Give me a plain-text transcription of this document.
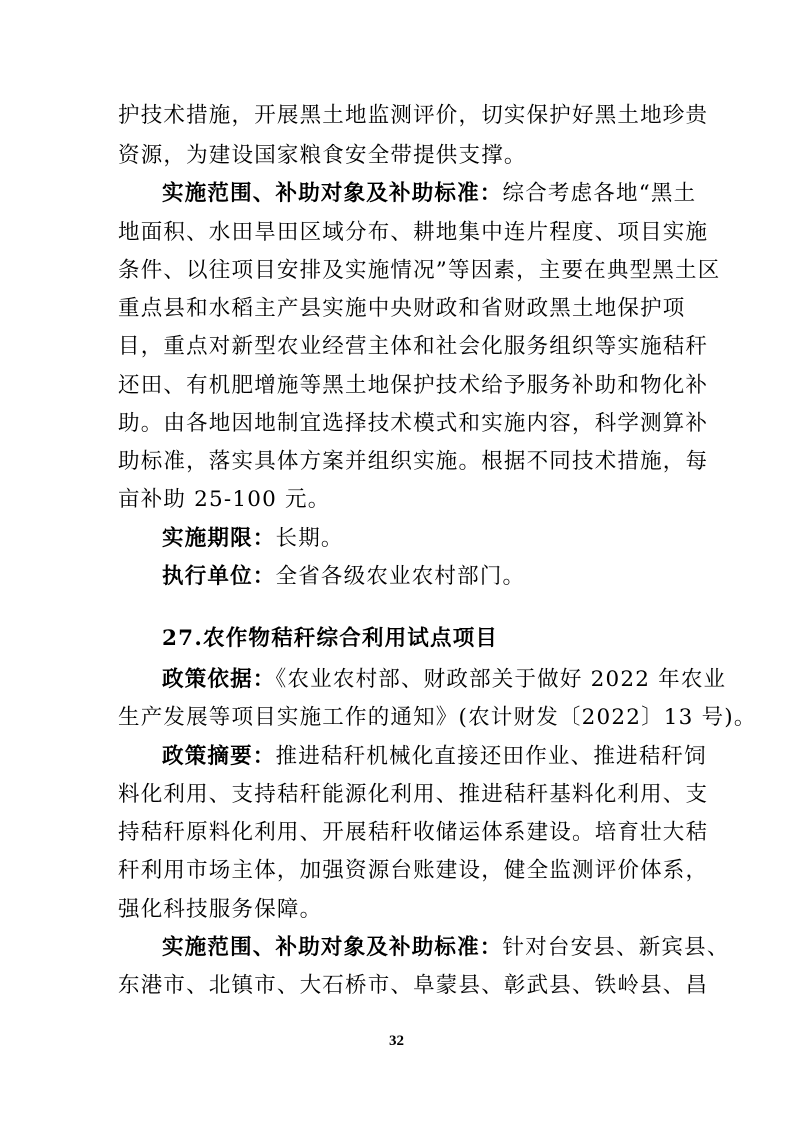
护技术措施，开展黑土地监测评价，切实保护好黑土地珍贵
资源，为建设国家粮食安全带提供支撑。
实施范围、补助对象及补助标准：综合考虑各地“黑土
地面积、水田旱田区域分布、耕地集中连片程度、项目实施
条件、以往项目安排及实施情况”等因素，主要在典型黑土区
重点县和水稻主产县实施中央财政和省财政黑土地保护项
目，重点对新型农业经营主体和社会化服务组织等实施秸秆
还田、有机肥增施等黑土地保护技术给予服务补助和物化补
助。由各地因地制宜选择技术模式和实施内容，科学测算补
助标准，落实具体方案并组织实施。根据不同技术措施，每
亩补助 25-100 元。
实施期限：长期。
执行单位：全省各级农业农村部门。
27.农作物秸秆综合利用试点项目
政策依据：《农业农村部、财政部关于做好 2022 年农业
生产发展等项目实施工作的通知》(农计财发〔2022〕13 号)。
政策摘要：推进秸秆机械化直接还田作业、推进秸秆饲
料化利用、支持秸秆能源化利用、推进秸秆基料化利用、支
持秸秆原料化利用、开展秸秆收储运体系建设。培育壮大秸
秆利用市场主体，加强资源台账建设，健全监测评价体系，
强化科技服务保障。
实施范围、补助对象及补助标准：针对台安县、新宾县、
东港市、北镇市、大石桥市、阜蒙县、彰武县、铁岭县、昌
32
